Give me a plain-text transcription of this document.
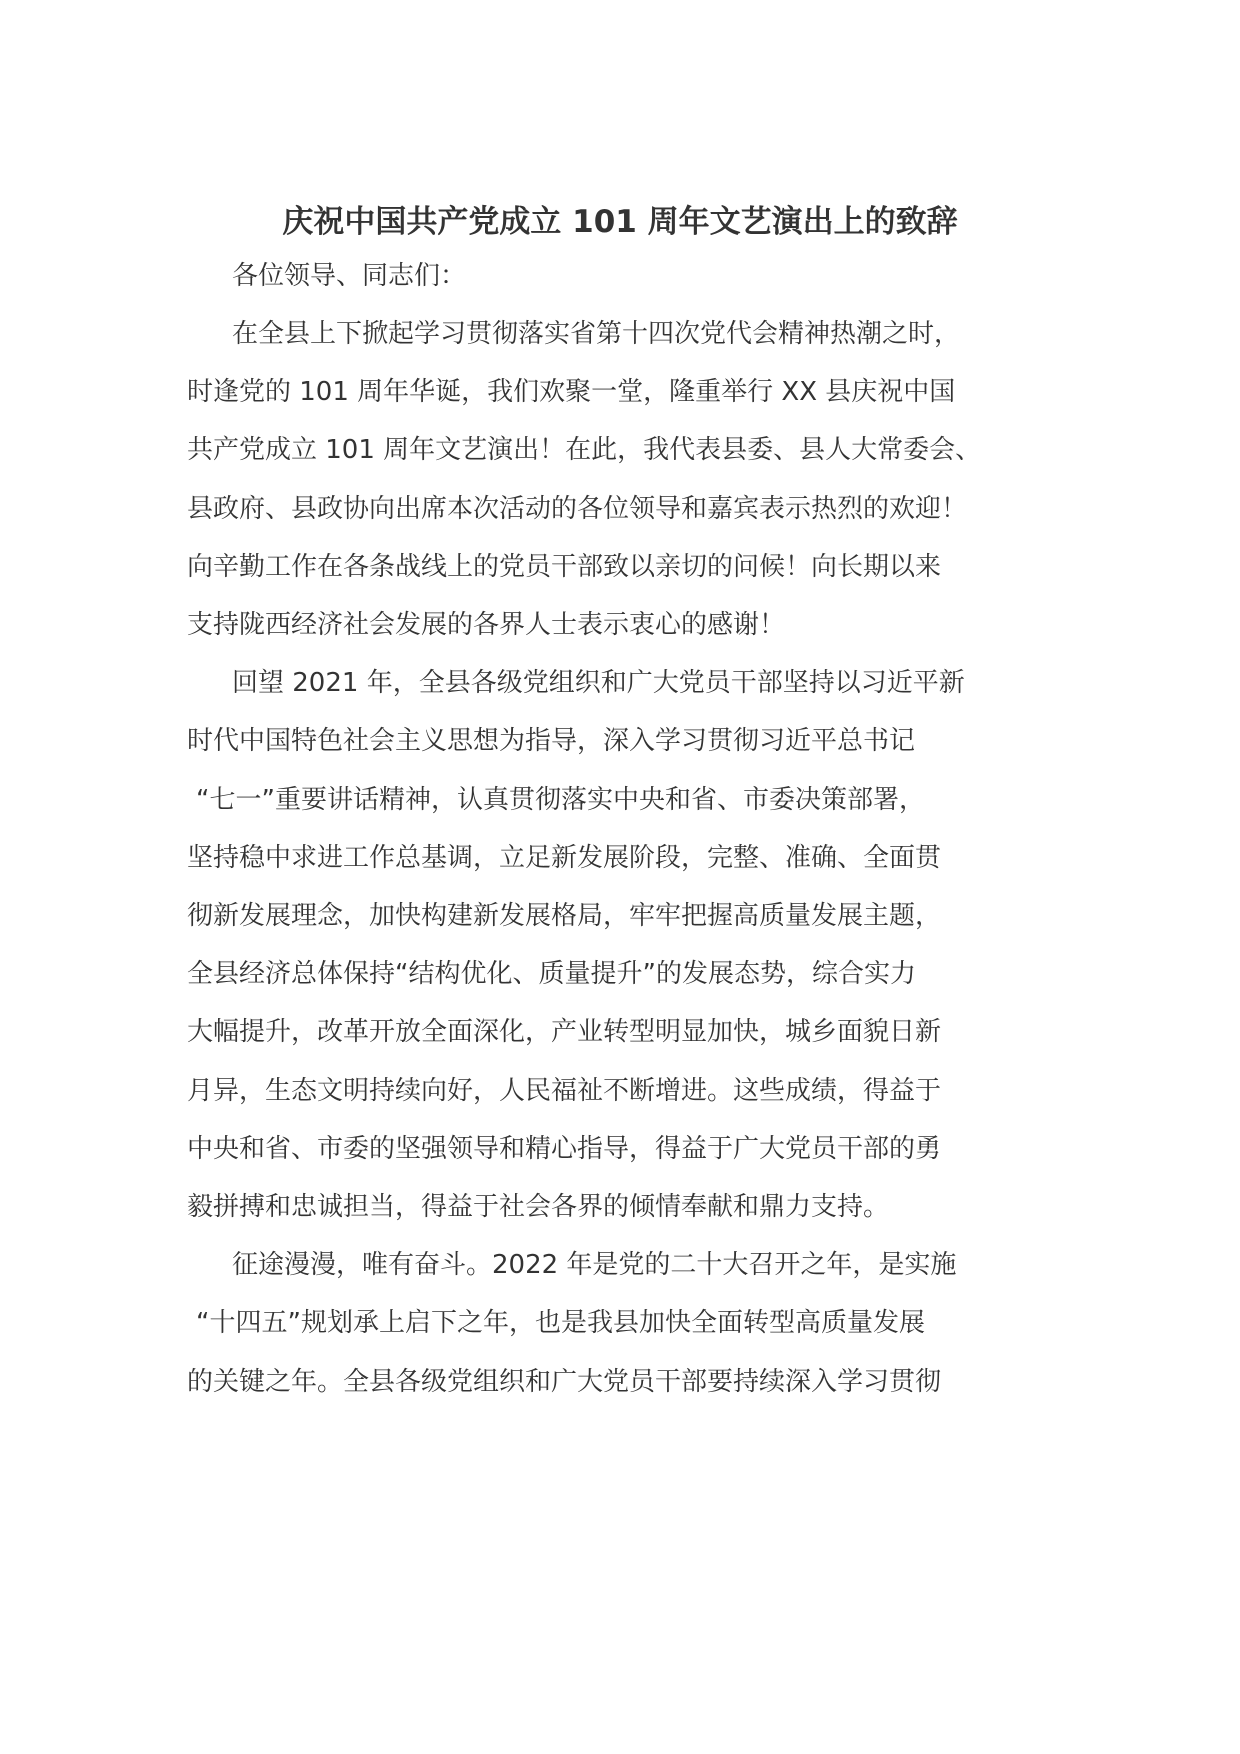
庆祝中国共产党成立 101 周年文艺演出上的致辞

各位领导、同志们：

在全县上下掀起学习贯彻落实省第十四次党代会精神热潮之时，

时逢党的 101 周年华诞，我们欢聚一堂，隆重举行 XX 县庆祝中国

共产党成立 101 周年文艺演出！在此，我代表县委、县人大常委会、

县政府、县政协向出席本次活动的各位领导和嘉宾表示热烈的欢迎！

向辛勤工作在各条战线上的党员干部致以亲切的问候！向长期以来

支持陇西经济社会发展的各界人士表示衷心的感谢！

回望 2021 年，全县各级党组织和广大党员干部坚持以习近平新

时代中国特色社会主义思想为指导，深入学习贯彻习近平总书记

“七一”重要讲话精神，认真贯彻落实中央和省、市委决策部署，

坚持稳中求进工作总基调，立足新发展阶段，完整、准确、全面贯

彻新发展理念，加快构建新发展格局，牢牢把握高质量发展主题，

全县经济总体保持“结构优化、质量提升”的发展态势，综合实力

大幅提升，改革开放全面深化，产业转型明显加快，城乡面貌日新

月异，生态文明持续向好，人民福祉不断增进。这些成绩，得益于

中央和省、市委的坚强领导和精心指导，得益于广大党员干部的勇

毅拼搏和忠诚担当，得益于社会各界的倾情奉献和鼎力支持。

征途漫漫，唯有奋斗。2022 年是党的二十大召开之年，是实施

“十四五”规划承上启下之年，也是我县加快全面转型高质量发展

的关键之年。全县各级党组织和广大党员干部要持续深入学习贯彻
